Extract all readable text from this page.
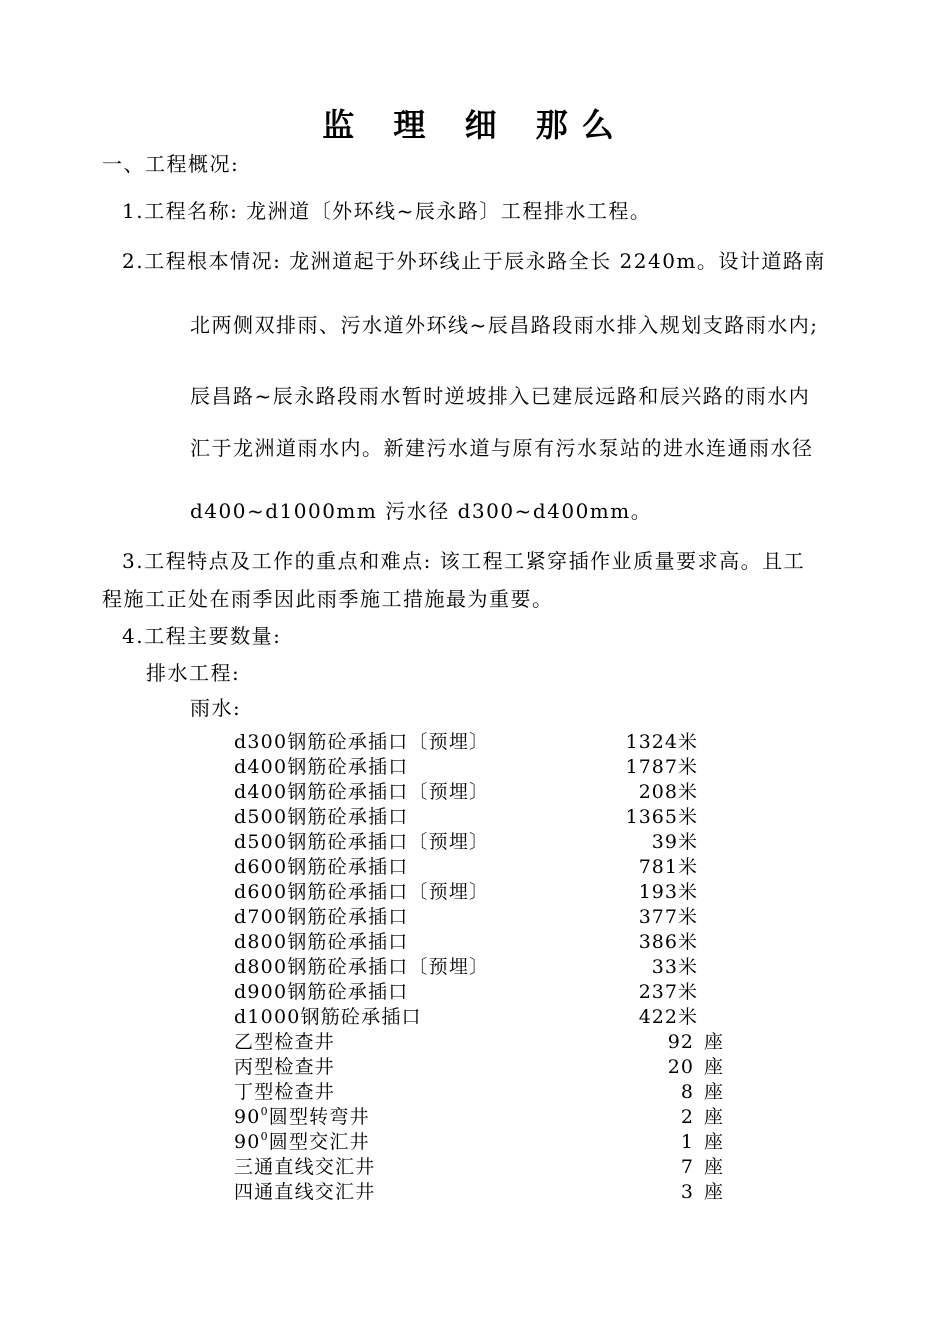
监 理 细 那么
一、工程概况:
1.工程名称: 龙洲道〔外环线~辰永路〕工程排水工程。
2.工程根本情况: 龙洲道起于外环线止于辰永路全长 2240m。设计道路南
北两侧双排雨、污水道外环线~辰昌路段雨水排入规划支路雨水内;
辰昌路~辰永路段雨水暂时逆坡排入已建辰远路和辰兴路的雨水内
汇于龙洲道雨水内。新建污水道与原有污水泵站的进水连通雨水径
d400~d1000mm 污水径 d300~d400mm。
3.工程特点及工作的重点和难点: 该工程工紧穿插作业质量要求高。且工
程施工正处在雨季因此雨季施工措施最为重要。
4.工程主要数量:
排水工程:
雨水:
d300钢筋砼承插口〔预埋〕	1324米
d400钢筋砼承插口	1787米
d400钢筋砼承插口〔预埋〕	208米
d500钢筋砼承插口	1365米
d500钢筋砼承插口〔预埋〕	39米
d600钢筋砼承插口	781米
d600钢筋砼承插口〔预埋〕	193米
d700钢筋砼承插口	377米
d800钢筋砼承插口	386米
d800钢筋砼承插口〔预埋〕	33米
d900钢筋砼承插口	237米
d1000钢筋砼承插口	422米
乙型检查井	92 座
丙型检查井	20 座
丁型检查井	8 座
$90^0$圆型转弯井	2 座
$90^0$圆型交汇井	1 座
三通直线交汇井	7 座
四通直线交汇井	3 座
